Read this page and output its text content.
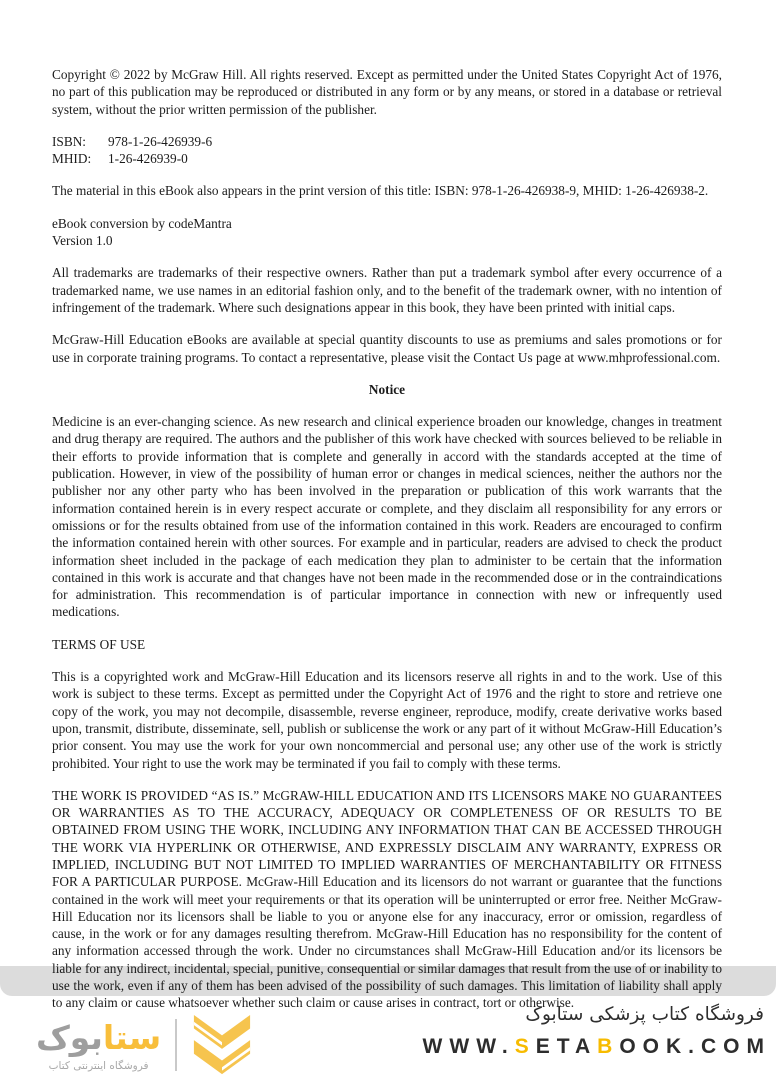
Copyright © 2022 by McGraw Hill. All rights reserved. Except as permitted under the United States Copyright Act of 1976, no part of this publication may be reproduced or distributed in any form or by any means, or stored in a database or retrieval system, without the prior written permission of the publisher.

ISBN: 978-1-26-426939-6
MHID: 1-26-426939-0

The material in this eBook also appears in the print version of this title: ISBN: 978-1-26-426938-9, MHID: 1-26-426938-2.

eBook conversion by codeMantra
Version 1.0

All trademarks are trademarks of their respective owners. Rather than put a trademark symbol after every occurrence of a trademarked name, we use names in an editorial fashion only, and to the benefit of the trademark owner, with no intention of infringement of the trademark. Where such designations appear in this book, they have been printed with initial caps.

McGraw-Hill Education eBooks are available at special quantity discounts to use as premiums and sales promotions or for use in corporate training programs. To contact a representative, please visit the Contact Us page at www.mhprofessional.com.

Notice

Medicine is an ever-changing science. As new research and clinical experience broaden our knowledge, changes in treatment and drug therapy are required. The authors and the publisher of this work have checked with sources believed to be reliable in their efforts to provide information that is complete and generally in accord with the standards accepted at the time of publication. However, in view of the possibility of human error or changes in medical sciences, neither the authors nor the publisher nor any other party who has been involved in the preparation or publication of this work warrants that the information contained herein is in every respect accurate or complete, and they disclaim all responsibility for any errors or omissions or for the results obtained from use of the information contained in this work. Readers are encouraged to confirm the information contained herein with other sources. For example and in particular, readers are advised to check the product information sheet included in the package of each medication they plan to administer to be certain that the information contained in this work is accurate and that changes have not been made in the recommended dose or in the contraindications for administration. This recommendation is of particular importance in connection with new or infrequently used medications.

TERMS OF USE

This is a copyrighted work and McGraw-Hill Education and its licensors reserve all rights in and to the work. Use of this work is subject to these terms. Except as permitted under the Copyright Act of 1976 and the right to store and retrieve one copy of the work, you may not decompile, disassemble, reverse engineer, reproduce, modify, create derivative works based upon, transmit, distribute, disseminate, sell, publish or sublicense the work or any part of it without McGraw-Hill Education’s prior consent. You may use the work for your own noncommercial and personal use; any other use of the work is strictly prohibited. Your right to use the work may be terminated if you fail to comply with these terms.

THE WORK IS PROVIDED “AS IS.” McGRAW-HILL EDUCATION AND ITS LICENSORS MAKE NO GUARANTEES OR WARRANTIES AS TO THE ACCURACY, ADEQUACY OR COMPLETENESS OF OR RESULTS TO BE OBTAINED FROM USING THE WORK, INCLUDING ANY INFORMATION THAT CAN BE ACCESSED THROUGH THE WORK VIA HYPERLINK OR OTHERWISE, AND EXPRESSLY DISCLAIM ANY WARRANTY, EXPRESS OR IMPLIED, INCLUDING BUT NOT LIMITED TO IMPLIED WARRANTIES OF MERCHANTABILITY OR FITNESS FOR A PARTICULAR PURPOSE. McGraw-Hill Education and its licensors do not warrant or guarantee that the functions contained in the work will meet your requirements or that its operation will be uninterrupted or error free. Neither McGraw-Hill Education nor its licensors shall be liable to you or anyone else for any inaccuracy, error or omission, regardless of cause, in the work or for any damages resulting therefrom. McGraw-Hill Education has no responsibility for the content of any information accessed through the work. Under no circumstances shall McGraw-Hill Education and/or its licensors be liable for any indirect, incidental, special, punitive, consequential or similar damages that result from the use of or inability to use the work, even if any of them has been advised of the possibility of such damages. This limitation of liability shall apply to any claim or cause whatsoever whether such claim or cause arises in contract, tort or otherwise.

ستابوک
فروشگاه اینترنتی کتاب
فروشگاه کتاب پزشکی ستابوک
WWW.SETABOOK.COM
